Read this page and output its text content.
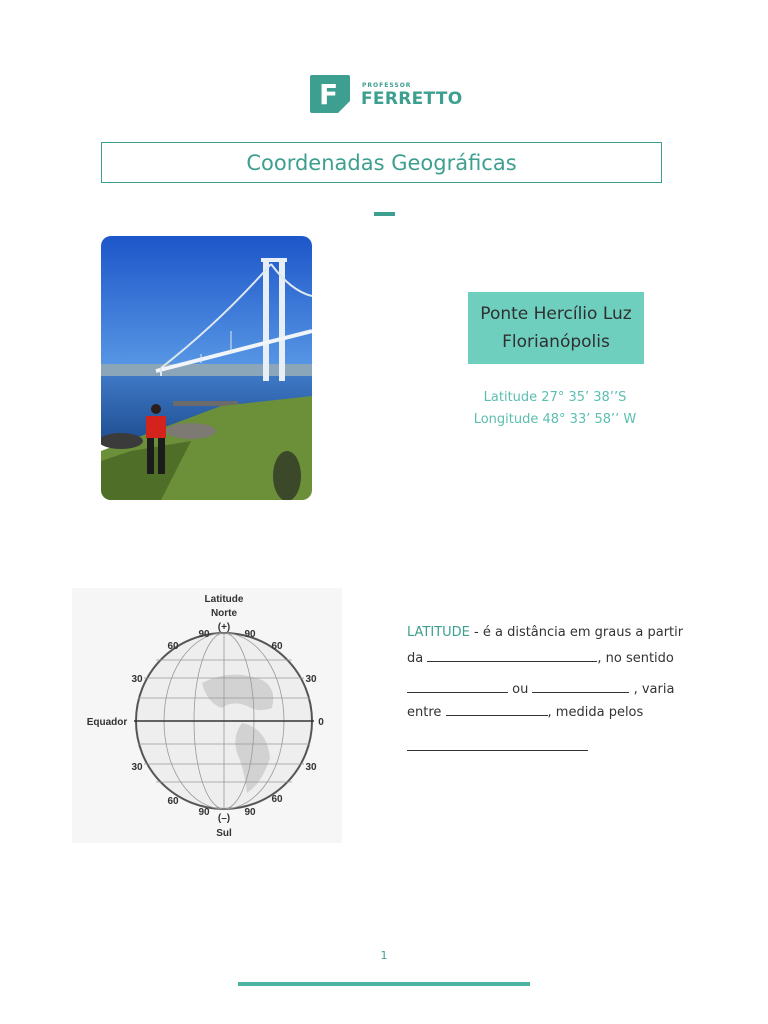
F	PROFESSOR
FERRETTO
Coordenadas Geográficas
Ponte Hercílio Luz
Florianópolis
Latitude 27° 35’ 38’’S
Longitude 48° 33’ 58’’ W
Latitude
Norte
(+)
90	90
60	60
30	30
Equador	0
30	30
60	60
90	90
(–)
Sul
LATITUDE - é a distância em graus a partir
da	, no sentido
ou	, varia
entre	, medida pelos
1
